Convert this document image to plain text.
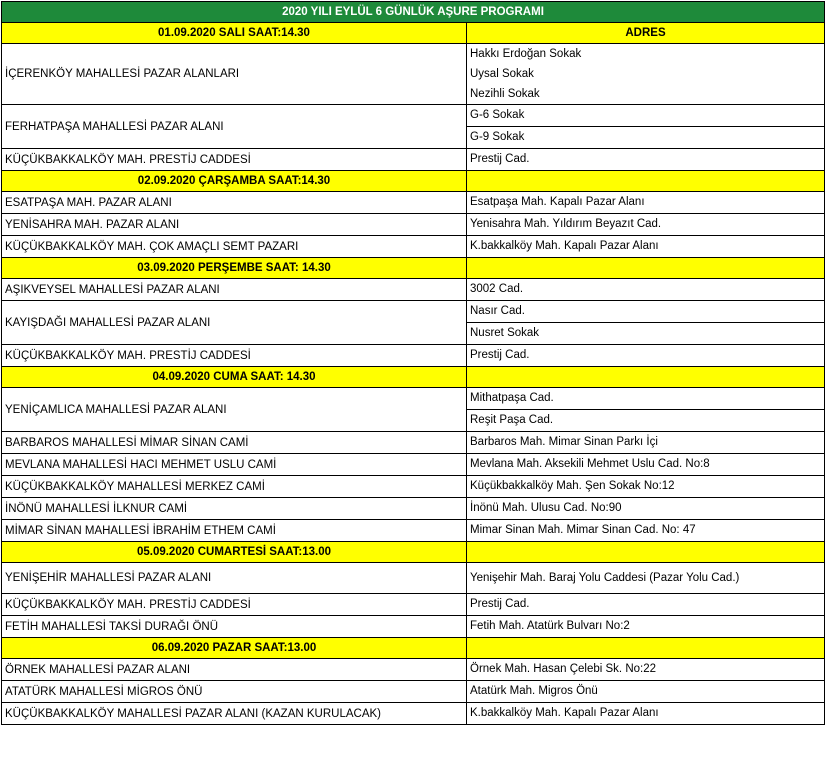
2020 YILI EYLÜL 6 GÜNLÜK AŞURE PROGRAMI	
01.09.2020 SALI SAAT:14.30	ADRES
İÇERENKÖY MAHALLESİ PAZAR ALANLARI	Hakkı Erdoğan Sokak
Uysal Sokak
Nezihli Sokak

FERHATPAŞA MAHALLESİ PAZAR ALANI	G-6 Sokak
G-9 Sokak

KÜÇÜKBAKKALKÖY MAH. PRESTİJ CADDESİ	Prestij Cad.

02.09.2020 ÇARŞAMBA SAAT:14.30	
ESATPAŞA MAH. PAZAR ALANI	Esatpaşa Mah. Kapalı Pazar Alanı

YENİSAHRA MAH. PAZAR ALANI	Yenisahra Mah. Yıldırım Beyazıt Cad.

KÜÇÜKBAKKALKÖY MAH. ÇOK AMAÇLI SEMT PAZARI	K.bakkalköy Mah. Kapalı Pazar Alanı

03.09.2020 PERŞEMBE SAAT: 14.30	
AŞIKVEYSEL MAHALLESİ PAZAR ALANI	3002 Cad.

KAYIŞDAĞI MAHALLESİ PAZAR ALANI	Nasır Cad.
Nusret Sokak

KÜÇÜKBAKKALKÖY MAH. PRESTİJ CADDESİ	Prestij Cad.

04.09.2020 CUMA SAAT: 14.30	
YENİÇAMLICA MAHALLESİ PAZAR ALANI	Mithatpaşa Cad.
Reşit Paşa Cad.

BARBAROS MAHALLESİ MİMAR SİNAN CAMİ	Barbaros Mah. Mimar Sinan Parkı İçi

MEVLANA MAHALLESİ HACI MEHMET USLU CAMİ	Mevlana Mah. Aksekili Mehmet Uslu Cad. No:8

KÜÇÜKBAKKALKÖY MAHALLESİ MERKEZ CAMİ	Küçükbakkalköy Mah. Şen Sokak No:12

İNÖNÜ MAHALLESİ İLKNUR CAMİ	İnönü Mah. Ulusu Cad. No:90

MİMAR SİNAN MAHALLESİ İBRAHİM ETHEM CAMİ	Mimar Sinan Mah. Mimar Sinan Cad. No: 47

05.09.2020 CUMARTESİ SAAT:13.00	
YENİŞEHİR MAHALLESİ PAZAR ALANI	Yenişehir Mah. Baraj Yolu Caddesi (Pazar Yolu Cad.)

KÜÇÜKBAKKALKÖY MAH. PRESTİJ CADDESİ	Prestij Cad.

FETİH MAHALLESİ TAKSİ DURAĞI ÖNÜ	Fetih Mah. Atatürk Bulvarı No:2

06.09.2020 PAZAR SAAT:13.00	
ÖRNEK MAHALLESİ PAZAR ALANI	Örnek Mah. Hasan Çelebi Sk. No:22

ATATÜRK MAHALLESİ MİGROS ÖNÜ	Atatürk Mah. Migros Önü

KÜÇÜKBAKKALKÖY MAHALLESİ PAZAR ALANI (KAZAN KURULACAK)	K.bakkalköy Mah. Kapalı Pazar Alanı
